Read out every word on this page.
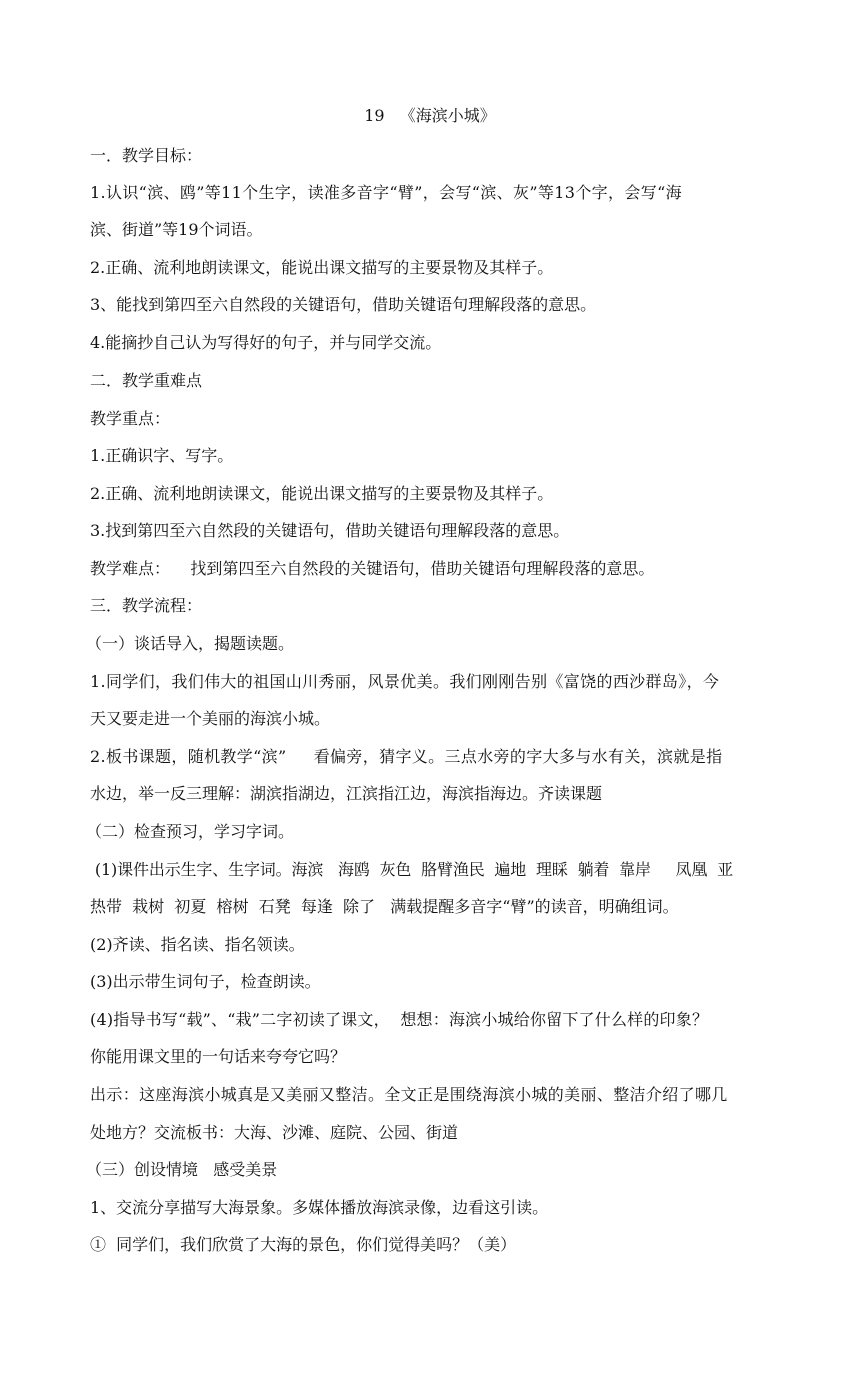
19   《海滨小城》
一．教学目标：
1.认识“滨、鸥”等11个生字，读准多音字“臂”，会写“滨、灰”等13个字，会写“海
滨、街道”等19个词语。
2.正确、流利地朗读课文，能说出课文描写的主要景物及其样子。
3、能找到第四至六自然段的关键语句，借助关键语句理解段落的意思。
4.能摘抄自己认为写得好的句子，并与同学交流。
二．教学重难点
教学重点：
1.正确识字、写字。
2.正确、流利地朗读课文，能说出课文描写的主要景物及其样子。
3.找到第四至六自然段的关键语句，借助关键语句理解段落的意思。
教学难点：    找到第四至六自然段的关键语句，借助关键语句理解段落的意思。
三．教学流程：
（一）谈话导入，揭题读题。
1.同学们，我们伟大的祖国山川秀丽，风景优美。我们刚刚告别《富饶的西沙群岛》，今
天又要走进一个美丽的海滨小城。
2.板书课题，随机教学“滨”     看偏旁，猜字义。三点水旁的字大多与水有关，滨就是指
水边，举一反三理解：湖滨指湖边，江滨指江边，海滨指海边。齐读课题
（二）检查预习，学习字词。
(1)课件出示生字、生字词。海滨   海鸥  灰色  胳臂渔民  遍地  理睬  躺着  靠岸     凤凰  亚
热带  栽树  初夏  榕树  石凳  每逢  除了   满载提醒多音字“臂”的读音，明确组词。
(2)齐读、指名读、指名领读。
(3)出示带生词句子，检查朗读。
(4)指导书写“载”、“栽”二字初读了课文，  想想：海滨小城给你留下了什么样的印象？
你能用课文里的一句话来夸夸它吗？
出示：这座海滨小城真是又美丽又整洁。全文正是围绕海滨小城的美丽、整洁介绍了哪几
处地方？交流板书：大海、沙滩、庭院、公园、街道
（三）创设情境   感受美景
1、交流分享描写大海景象。多媒体播放海滨录像，边看这引读。
①  同学们，我们欣赏了大海的景色，你们觉得美吗？（美）
